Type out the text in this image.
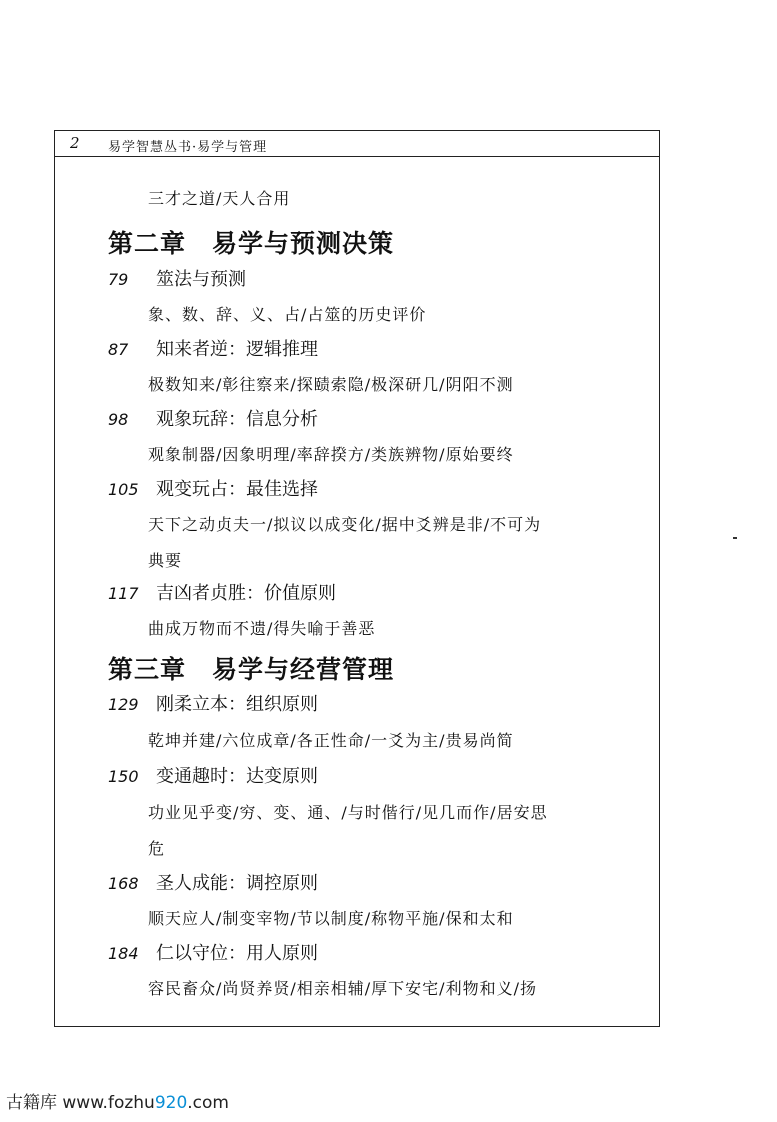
2 易学智慧丛书·易学与管理
三才之道/天人合用
第二章　易学与预测决策
79 筮法与预测
象、数、辞、义、占/占筮的历史评价
87 知来者逆：逻辑推理
极数知来/彰往察来/探赜索隐/极深研几/阴阳不测
98 观象玩辞：信息分析
观象制器/因象明理/率辞揆方/类族辨物/原始要终
105 观变玩占：最佳选择
天下之动贞夫一/拟议以成变化/据中爻辨是非/不可为
典要
117 吉凶者贞胜：价值原则
曲成万物而不遗/得失喻于善恶
第三章　易学与经营管理
129 刚柔立本：组织原则
乾坤并建/六位成章/各正性命/一爻为主/贵易尚简
150 变通趣时：达变原则
功业见乎变/穷、变、通、/与时偕行/见几而作/居安思
危
168 圣人成能：调控原则
顺天应人/制变宰物/节以制度/称物平施/保和太和
184 仁以守位：用人原则
容民畜众/尚贤养贤/相亲相辅/厚下安宅/利物和义/扬
古籍库 www.fozhu920.com
